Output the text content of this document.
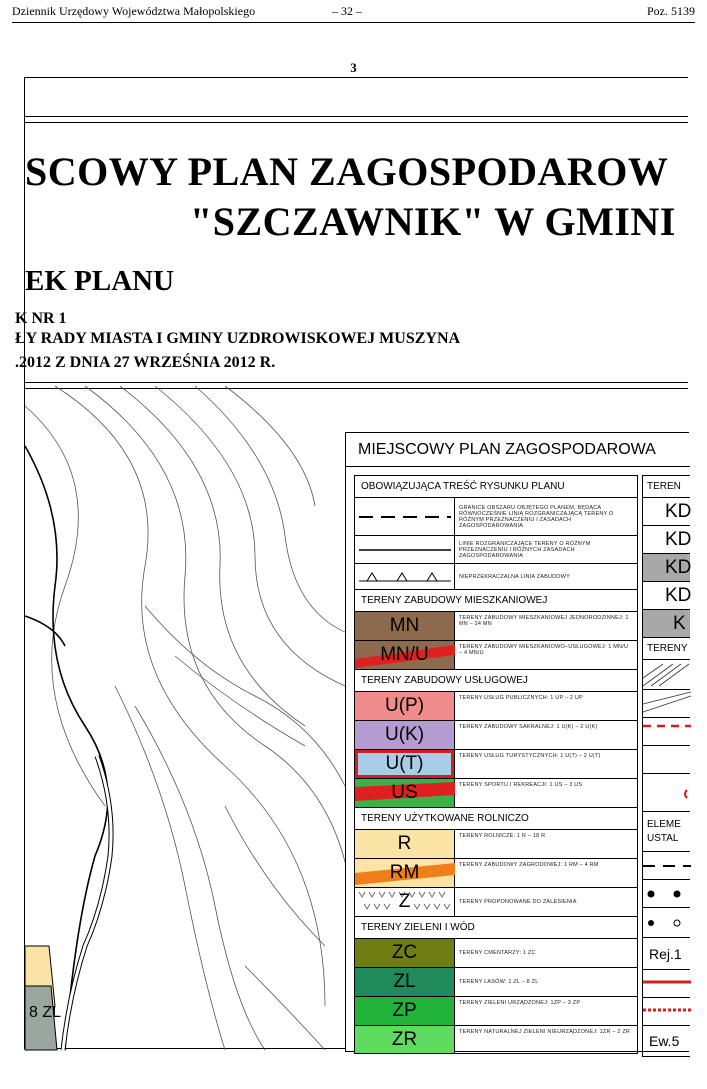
Dziennik Urzędowy Województwa Małopolskiego	– 32 –	Poz. 5139
3
SCOWY PLAN ZAGOSPODAROW
"SZCZAWNIK" W GMINI
EK PLANU
K NR 1
ŁY RADY MIASTA I GMINY UZDROWISKOWEJ MUSZYNA
.2012 Z DNIA 27 WRZEŚNIA 2012 R.
8 ZL
MIEJSCOWY PLAN ZAGOSPODAROWA
OBOWIĄZUJĄCA TREŚĆ RYSUNKU PLANU
GRANICE OBSZARU OBJĘTEGO PLANEM, BĘDĄCA RÓWNOCZEŚNIE LINIĄ ROZGRANICZAJĄCĄ TERENY O RÓŻNYM PRZEZNACZENIU I ZASADACH ZAGOSPODAROWANIA
LINIE ROZGRANICZAJĄCE TERENY O RÓŻNYM PRZEZNACZENIU I RÓŻNYCH ZASADACH ZAGOSPODAROWANIA
NIEPRZEKRACZALNA LINIA ZABUDOWY
TERENY ZABUDOWY MIESZKANIOWEJ
MN	TERENY ZABUDOWY MIESZKANIOWEJ JEDNORODZINNEJ: 1 MN – 24 MN
MN/U	TERENY ZABUDOWY MIESZKANIOWO–USŁUGOWEJ: 1 MN/U – 4 MN/U
TERENY ZABUDOWY USŁUGOWEJ
U(P)	TERENY USŁUG PUBLICZNYCH: 1 UP – 2 UP
U(K)	TERENY ZABUDOWY SAKRALNEJ: 1 U(K) – 2 U(K)
U(T)	TERENY USŁUG TURYSTYCZNYCH: 1 U(T) – 2 U(T)
US	TERENY SPORTU I REKREACJI: 1 US – 3 US
TERENY UŻYTKOWANE ROLNICZO
R	TERENY ROLNICZE: 1 R – 18 R
RM	TERENY ZABUDOWY ZAGRODOWEJ: 1 RM – 4 RM
Z	TERENY PROPONOWANE DO ZALESIENIA
TERENY ZIELENI I WÓD
ZC	TERENY CMENTARZY: 1 ZC
ZL	TERENY LASÓW: 1 ZL – 8 ZL
ZP	TERENY ZIELENI URZĄDZONEJ: 1ZP – 3 ZP
ZR	TERENY NATURALNEJ ZIELENI NIEURZĄDZONEJ: 1ZR – 2 ZR
TEREN
KD
KD
KD
KD
K
TERENY
ELEME
USTAL
Rej.1
Ew.5
